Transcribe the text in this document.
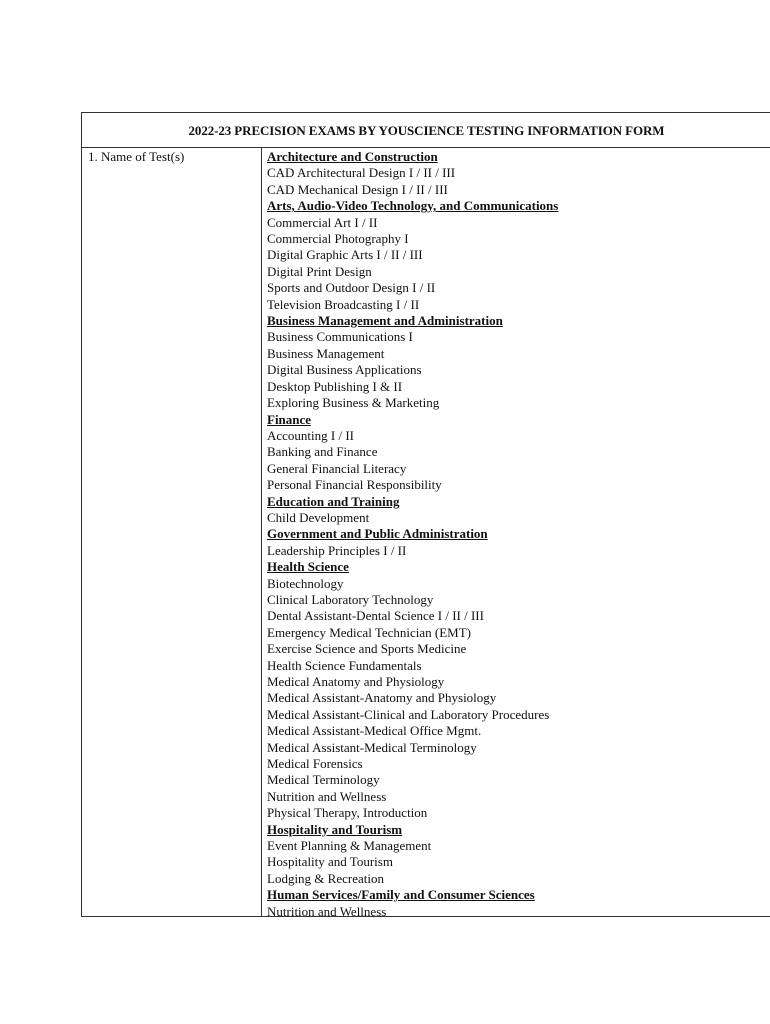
2022-23 PRECISION EXAMS BY YOUSCIENCE TESTING INFORMATION FORM
1. Name of Test(s)	Architecture and Construction
CAD Architectural Design I / II / III
CAD Mechanical Design I / II / III
Arts, Audio-Video Technology, and Communications
Commercial Art I / II
Commercial Photography I
Digital Graphic Arts I / II / III
Digital Print Design
Sports and Outdoor Design I / II
Television Broadcasting I / II
Business Management and Administration
Business Communications I
Business Management
Digital Business Applications
Desktop Publishing I & II
Exploring Business & Marketing
Finance
Accounting I / II
Banking and Finance
General Financial Literacy
Personal Financial Responsibility
Education and Training
Child Development
Government and Public Administration
Leadership Principles I / II
Health Science
Biotechnology
Clinical Laboratory Technology
Dental Assistant-Dental Science I / II / III
Emergency Medical Technician (EMT)
Exercise Science and Sports Medicine
Health Science Fundamentals
Medical Anatomy and Physiology
Medical Assistant-Anatomy and Physiology
Medical Assistant-Clinical and Laboratory Procedures
Medical Assistant-Medical Office Mgmt.
Medical Assistant-Medical Terminology
Medical Forensics
Medical Terminology
Nutrition and Wellness
Physical Therapy, Introduction
Hospitality and Tourism
Event Planning & Management
Hospitality and Tourism
Lodging & Recreation
Human Services/Family and Consumer Sciences
Nutrition and Wellness
